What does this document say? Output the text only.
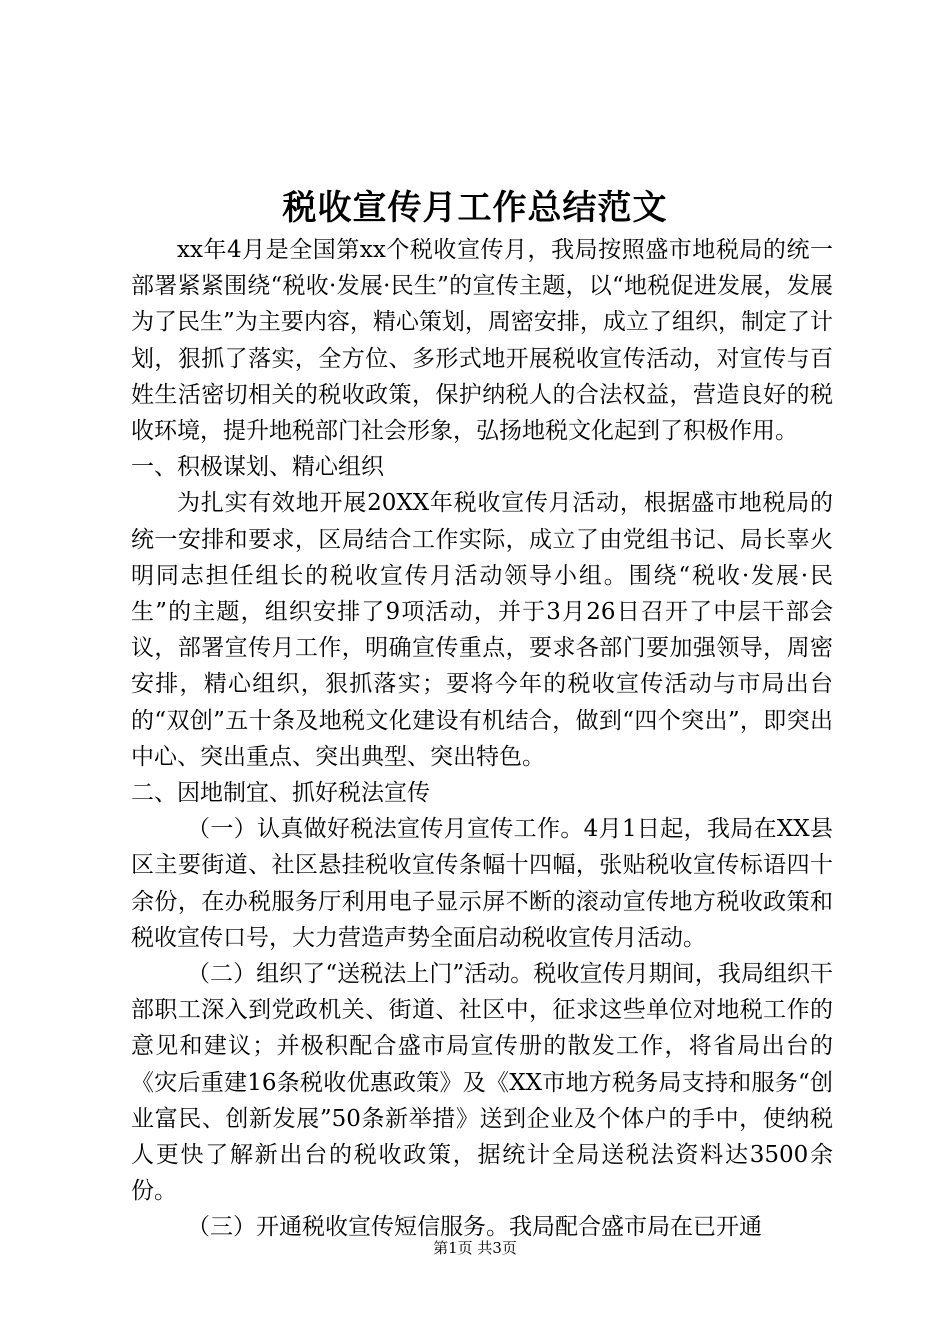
税收宣传月工作总结范文

xx年4月是全国第xx个税收宣传月，我局按照盛市地税局的统一部署紧紧围绕“税收·发展·民生”的宣传主题，以“地税促进发展，发展为了民生”为主要内容，精心策划，周密安排，成立了组织，制定了计划，狠抓了落实，全方位、多形式地开展税收宣传活动，对宣传与百姓生活密切相关的税收政策，保护纳税人的合法权益，营造良好的税收环境，提升地税部门社会形象，弘扬地税文化起到了积极作用。

一、积极谋划、精心组织

为扎实有效地开展20XX年税收宣传月活动，根据盛市地税局的统一安排和要求，区局结合工作实际，成立了由党组书记、局长辜火明同志担任组长的税收宣传月活动领导小组。围绕“税收·发展·民生”的主题，组织安排了9项活动，并于3月26日召开了中层干部会议，部署宣传月工作，明确宣传重点，要求各部门要加强领导，周密安排，精心组织，狠抓落实；要将今年的税收宣传活动与市局出台的“双创”五十条及地税文化建设有机结合，做到“四个突出”，即突出中心、突出重点、突出典型、突出特色。

二、因地制宜、抓好税法宣传

（一）认真做好税法宣传月宣传工作。4月1日起，我局在XX县区主要街道、社区悬挂税收宣传条幅十四幅，张贴税收宣传标语四十余份，在办税服务厅利用电子显示屏不断的滚动宣传地方税收政策和税收宣传口号，大力营造声势全面启动税收宣传月活动。

（二）组织了“送税法上门”活动。税收宣传月期间，我局组织干部职工深入到党政机关、街道、社区中，征求这些单位对地税工作的意见和建议；并极积配合盛市局宣传册的散发工作，将省局出台的《灾后重建16条税收优惠政策》及《XX市地方税务局支持和服务“创业富民、创新发展”50条新举措》送到企业及个体户的手中，使纳税人更快了解新出台的税收政策，据统计全局送税法资料达3500余份。

（三）开通税收宣传短信服务。我局配合盛市局在已开通

第1页 共3页
